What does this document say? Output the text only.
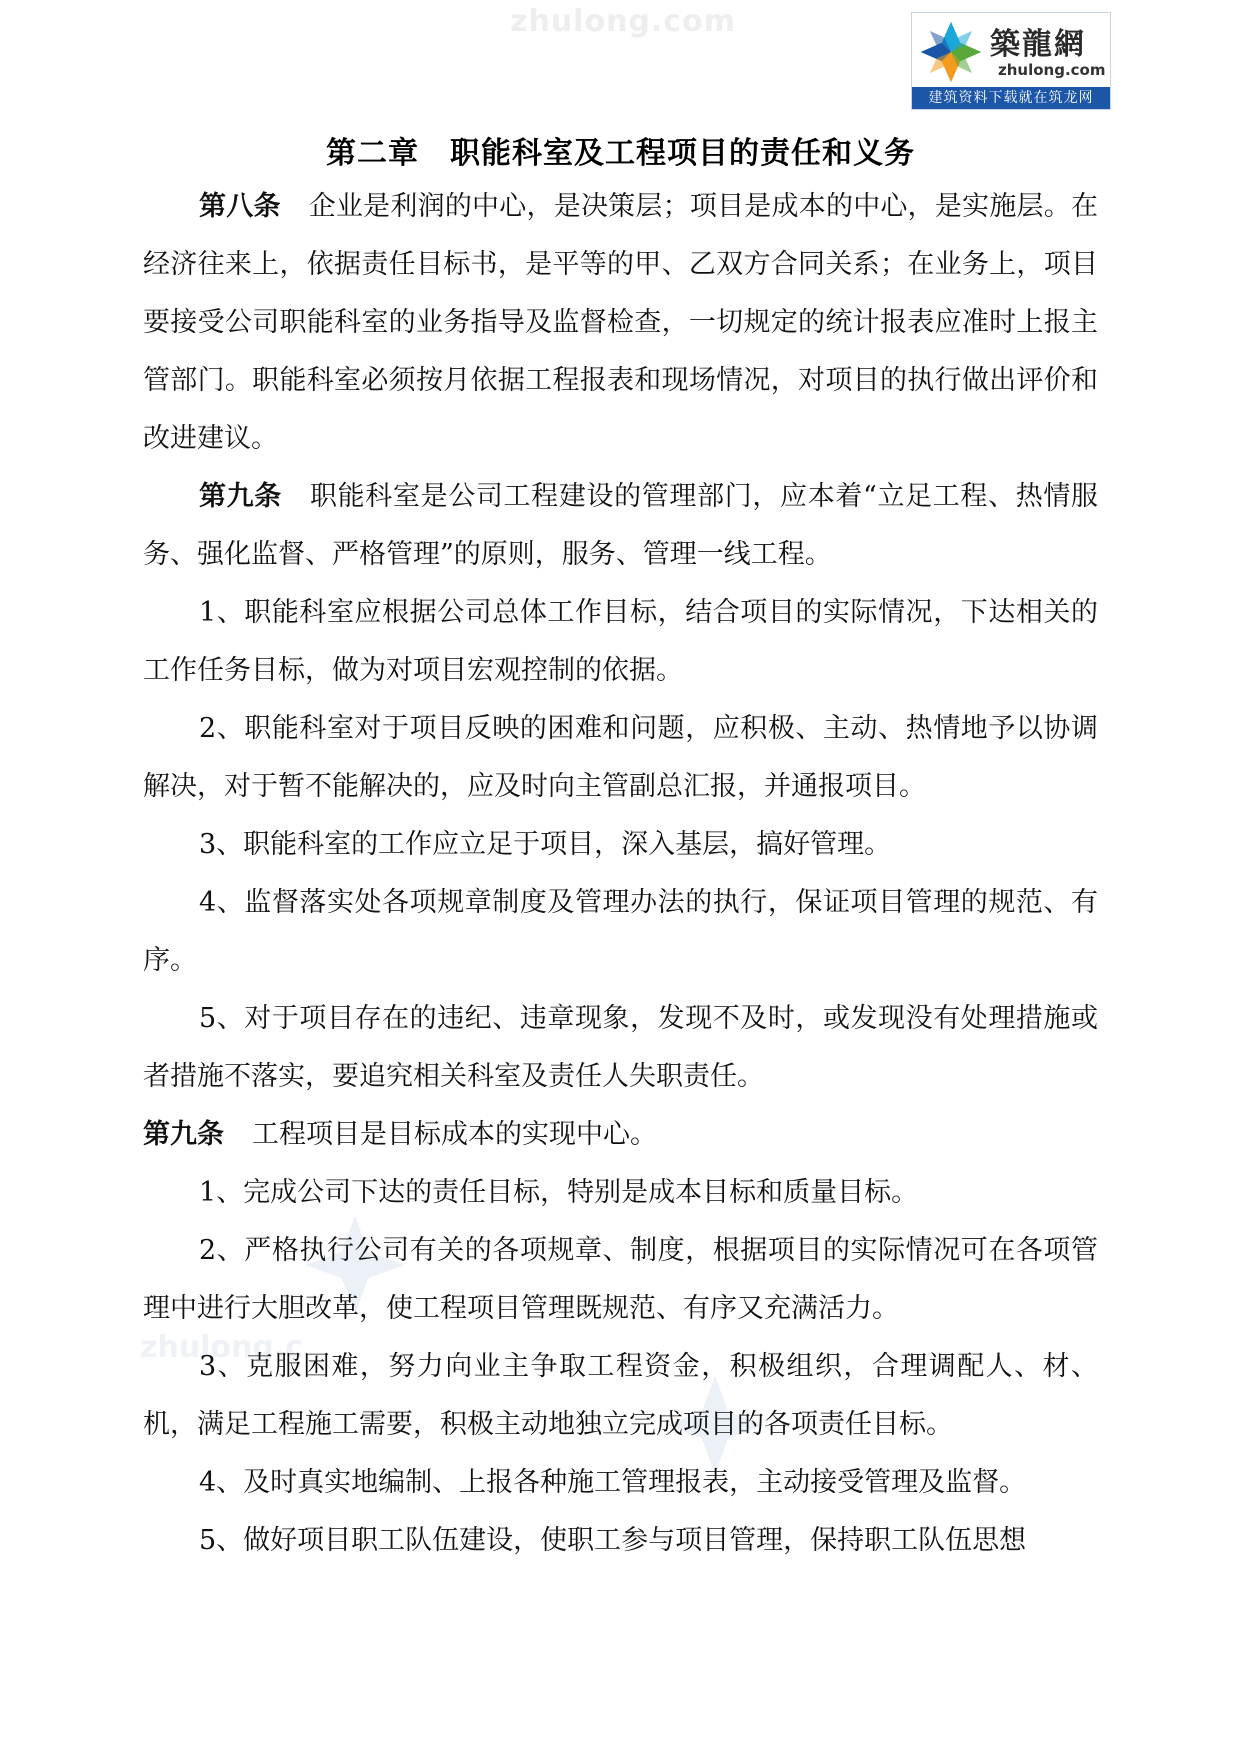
zhulong.com
zhulong.c
築龍網
zhulong.com
建筑资料下载就在筑龙网
第二章　职能科室及工程项目的责任和义务

第八条 企业是利润的中心，是决策层；项目是成本的中心，是实施层。在经济往来上，依据责任目标书，是平等的甲、乙双方合同关系；在业务上，项目要接受公司职能科室的业务指导及监督检查，一切规定的统计报表应准时上报主管部门。职能科室必须按月依据工程报表和现场情况，对项目的执行做出评价和改进建议。

第九条 职能科室是公司工程建设的管理部门，应本着“立足工程、热情服务、强化监督、严格管理”的原则，服务、管理一线工程。

1、职能科室应根据公司总体工作目标，结合项目的实际情况，下达相关的工作任务目标，做为对项目宏观控制的依据。

2、职能科室对于项目反映的困难和问题，应积极、主动、热情地予以协调解决，对于暂不能解决的，应及时向主管副总汇报，并通报项目。

3、职能科室的工作应立足于项目，深入基层，搞好管理。

4、监督落实处各项规章制度及管理办法的执行，保证项目管理的规范、有序。

5、对于项目存在的违纪、违章现象，发现不及时，或发现没有处理措施或者措施不落实，要追究相关科室及责任人失职责任。

第九条 工程项目是目标成本的实现中心。

1、完成公司下达的责任目标，特别是成本目标和质量目标。

2、严格执行公司有关的各项规章、制度，根据项目的实际情况可在各项管理中进行大胆改革，使工程项目管理既规范、有序又充满活力。

3、克服困难，努力向业主争取工程资金，积极组织，合理调配人、材、机，满足工程施工需要，积极主动地独立完成项目的各项责任目标。

4、及时真实地编制、上报各种施工管理报表，主动接受管理及监督。

5、做好项目职工队伍建设，使职工参与项目管理，保持职工队伍思想
